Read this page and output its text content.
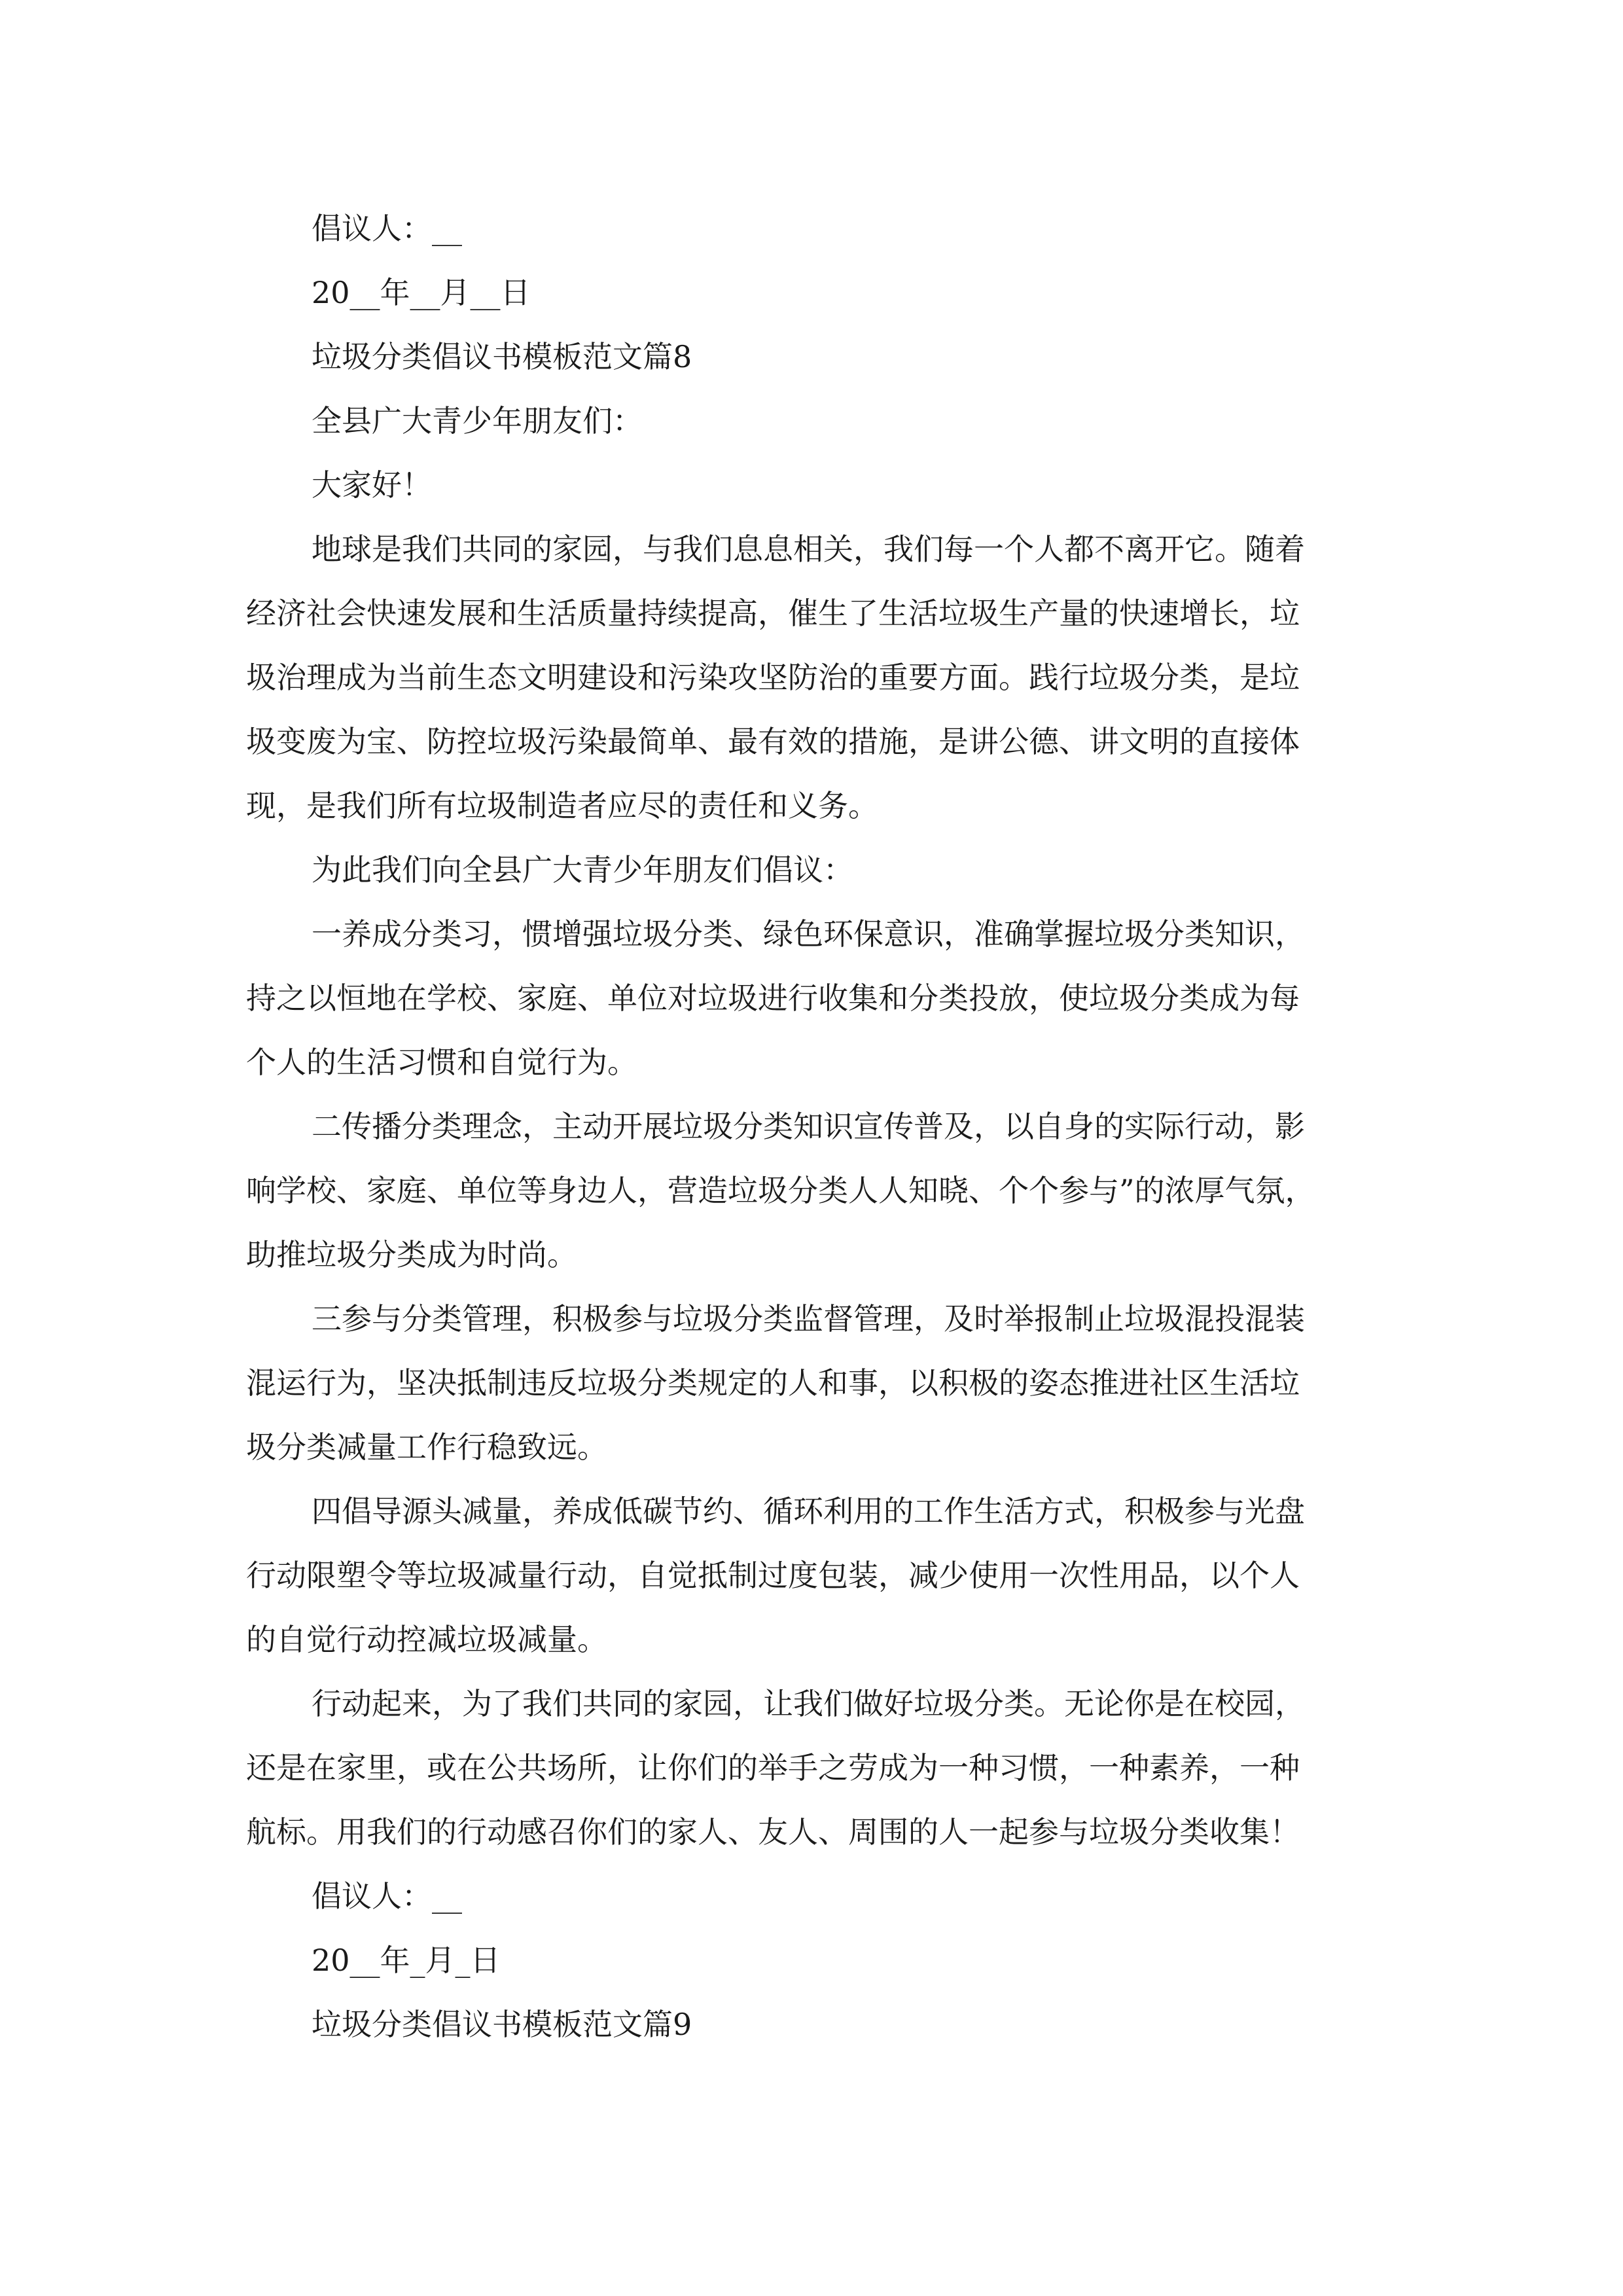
倡议人：__
20__年__月__日
垃圾分类倡议书模板范文篇8
全县广大青少年朋友们：
大家好！
地球是我们共同的家园，与我们息息相关，我们每一个人都不离开它。随着
经济社会快速发展和生活质量持续提高，催生了生活垃圾生产量的快速增长，垃
圾治理成为当前生态文明建设和污染攻坚防治的重要方面。践行垃圾分类，是垃
圾变废为宝、防控垃圾污染最简单、最有效的措施，是讲公德、讲文明的直接体
现，是我们所有垃圾制造者应尽的责任和义务。
为此我们向全县广大青少年朋友们倡议：
一养成分类习，惯增强垃圾分类、绿色环保意识，准确掌握垃圾分类知识，
持之以恒地在学校、家庭、单位对垃圾进行收集和分类投放，使垃圾分类成为每
个人的生活习惯和自觉行为。
二传播分类理念，主动开展垃圾分类知识宣传普及，以自身的实际行动，影
响学校、家庭、单位等身边人，营造垃圾分类人人知晓、个个参与”的浓厚气氛，
助推垃圾分类成为时尚。
三参与分类管理，积极参与垃圾分类监督管理，及时举报制止垃圾混投混装
混运行为，坚决抵制违反垃圾分类规定的人和事，以积极的姿态推进社区生活垃
圾分类减量工作行稳致远。
四倡导源头减量，养成低碳节约、循环利用的工作生活方式，积极参与光盘
行动限塑令等垃圾减量行动，自觉抵制过度包装，减少使用一次性用品，以个人
的自觉行动控减垃圾减量。
行动起来，为了我们共同的家园，让我们做好垃圾分类。无论你是在校园，
还是在家里，或在公共场所，让你们的举手之劳成为一种习惯，一种素养，一种
航标。用我们的行动感召你们的家人、友人、周围的人一起参与垃圾分类收集！
倡议人：__
20__年_月_日
垃圾分类倡议书模板范文篇9
